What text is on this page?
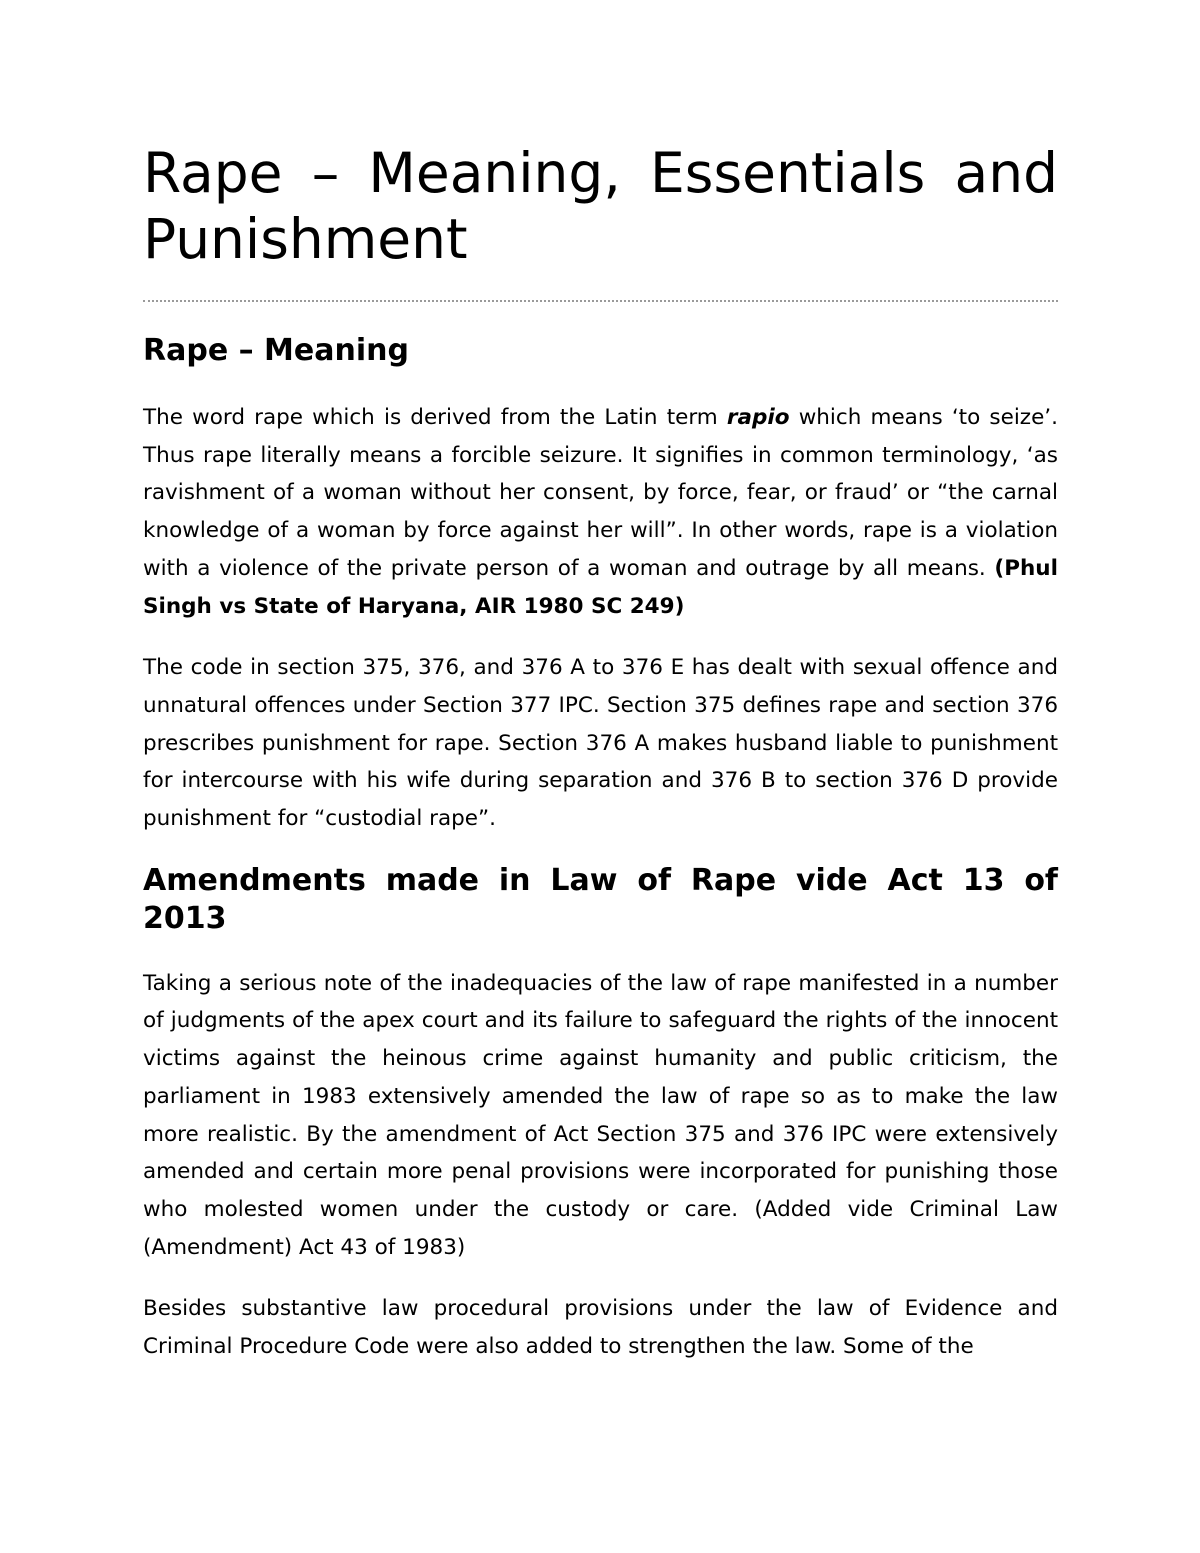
Rape – Meaning, Essentials and Punishment
Rape – Meaning

The word rape which is derived from the Latin term rapio which means ‘to seize’. Thus rape literally means a forcible seizure. It signifies in common terminology, ‘as ravishment of a woman without her consent, by force, fear, or fraud’ or “the carnal knowledge of a woman by force against her will”. In other words, rape is a violation with a violence of the private person of a woman and outrage by all means. (Phul Singh vs State of Haryana, AIR 1980 SC 249)

The code in section 375, 376, and 376 A to 376 E has dealt with sexual offence and unnatural offences under Section 377 IPC. Section 375 defines rape and section 376 prescribes punishment for rape. Section 376 A makes husband liable to punishment for intercourse with his wife during separation and 376 B to section 376 D provide punishment for “custodial rape”.

Amendments made in Law of Rape vide Act 13 of 2013

Taking a serious note of the inadequacies of the law of rape manifested in a number of judgments of the apex court and its failure to safeguard the rights of the innocent victims against the heinous crime against humanity and public criticism, the parliament in 1983 extensively amended the law of rape so as to make the law more realistic. By the amendment of Act Section 375 and 376 IPC were extensively amended and certain more penal provisions were incorporated for punishing those who molested women under the custody or care. (Added vide Criminal Law (Amendment) Act 43 of 1983)

Besides substantive law procedural provisions under the law of Evidence and Criminal Procedure Code were also added to strengthen the law. Some of the
